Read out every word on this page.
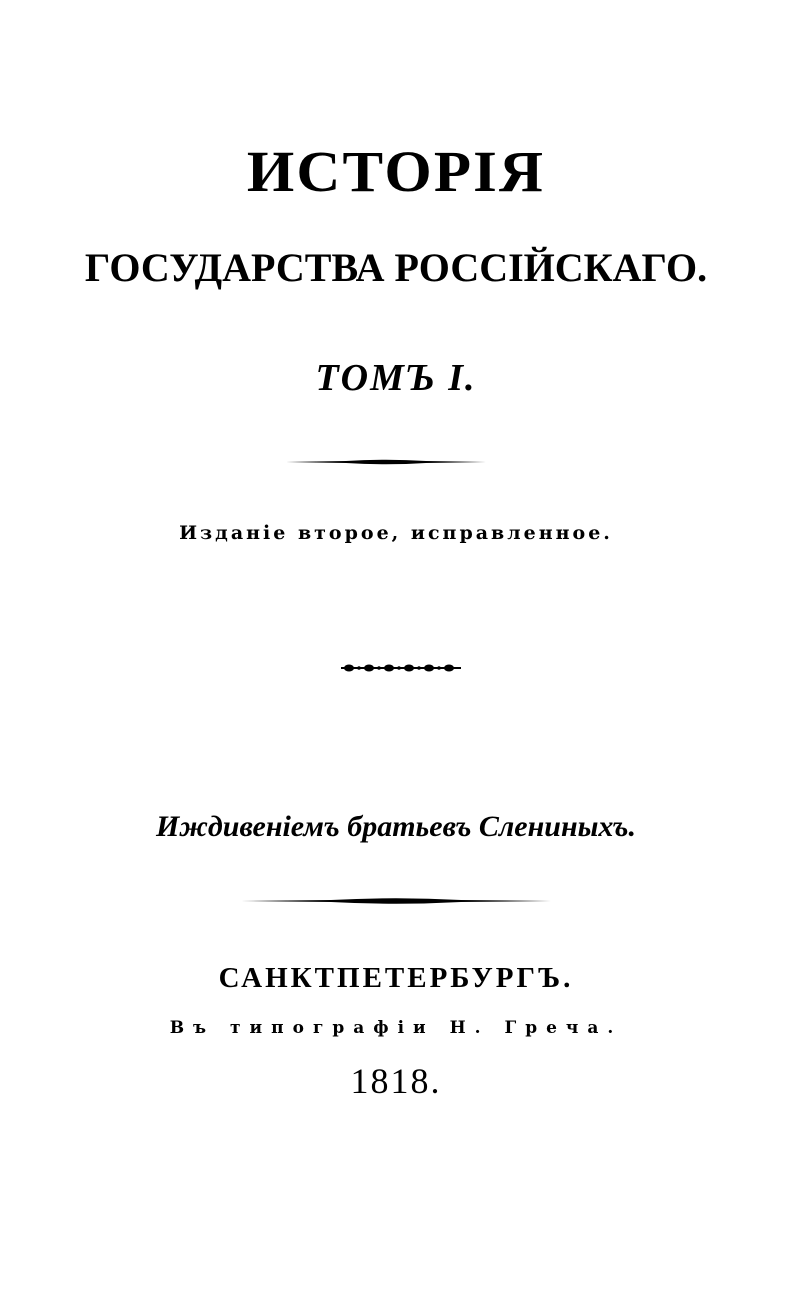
ИСТОРІЯ
ГОСУДАРСТВА РОССІЙСКАГО.
ТОМЪ I.
Изданіе второе, исправленное.
Иждивеніемъ братьевъ Слениныхъ.
САНКТПЕТЕРБУРГЪ.
Въ типографіи Н. Греча.
1818.
